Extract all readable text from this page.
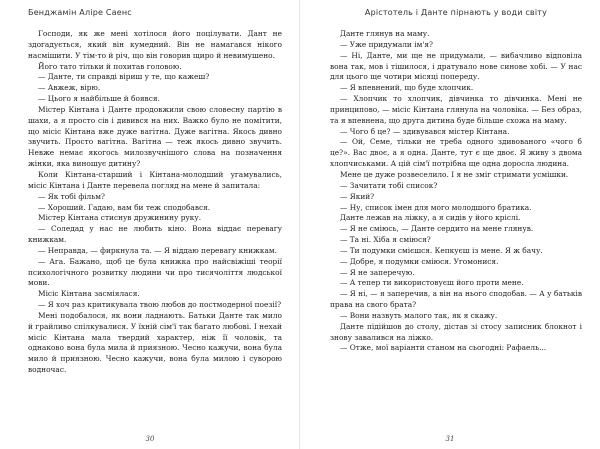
Бенджамін Аліре Саенс

Господи, як же мені хотілося його поцілувати. Дант не здогадується, який він кумедний. Він не намагався нікого насмішити. У тім-то й річ, що він говорив щиро й невимушено.

Його тато тільки й похитав головою.

— Данте, ти справді віриш у те, що кажеш?

— Авжеж, вірю.

— Цього я найбільше й боявся.

Містер Кінтана і Данте продовжили свою словесну партію в шахи, а я просто сів і дивився на них. Важко було не помітити, що місіс Кінтана вже дуже вагітна. Дуже вагітна. Якось дивно звучить. Просто вагітна. Вагітна — теж якось дивно звучить. Невже немає якогось милозвучнішого слова на позначення жінки, яка виношує дитину?

Коли Кінтана-старший і Кінтана-молодший угамувались, місіс Кінтана і Данте перевела погляд на мене й запитала:

— Як тобі фільм?

— Хороший. Гадаю, вам би теж сподобався.

Містер Кінтана стиснув дружинину руку.

— Соледад у нас не любить кіно. Вона віддає перевагу книжкам.

— Неправда, — фиркнула та. — Я віддаю перевагу книжкам.

— Ага. Бажано, щоб це була книжка про найсвіжіші теорії психологічного розвитку людини чи про тисячоліття людської мови.

Місіс Кінтана засміялася.

— Я хоч раз критикувала твою любов до постмодерної поезії?

Мені подобалося, як вони ладнають. Батьки Данте так мило й грайливо спілкувалися. У їхній сім'ї так багато любові. І нехай місіс Кінтана мала твердий характер, ніж її чоловік, та однаково вона була мила й приязною. Чесно кажучи, вона була мило й приязною. Чесно кажучи, вона була милою і суворою водночас.

30
Арістотель і Данте пірнають у води світу

Данте глянув на маму.

— Уже придумали ім'я?

— Ні, Данте, ми ще не придумали, — вибачливо відповіла вона так, мов і тішилося, і дратувало нове синове хобі. — У нас для цього ще чотири місяці попереду.

— Я впевнений, що буде хлопчик.

— Хлопчик то хлопчик, дівчинка то дівчинка. Мені не принципово, — місіс Кінтана глянула на чоловіка. — Без образ, та я впевнена, що друга дитина буде більше схожа на маму.

— Чого б це? — здивувався містер Кінтана.

— Ой, Семе, тільки не треба одного здивованого «чого б це?». Вас двоє, а я одна. Данте, тут є ще двоє. Я живу з двома хлопчиськами. А цій сім'ї потрібна ще одна доросла людина.

Мене це дуже розвеселило. І я не зміг стримати усмішки.

— Зачитати тобі список?

— Який?

— Ну, список імен для мого молодшого братика.

Данте лежав на ліжку, а я сидів у його кріслі.

— Я не сміюсь, — Данте сердито на мене глянув.

— Та ні. Хіба я сміюся?

— Ти подумки смієшся. Кепкуєш із мене. Я ж бачу.

— Добре, я подумки сміюся. Угомонися.

— Я не заперечую.

— А тепер ти використовуєш його проти мене.

— Я ні, — я заперечив, а він на нього сподобав. — А у батьків права на свого брата?

— Вони назвуть малого так, як я скажу.

Данте підійшов до столу, дістав зі стосу записник блокнот і знову завалився на ліжко.

— Отже, мої варіанти станом на сьогодні: Рафаель...

31
